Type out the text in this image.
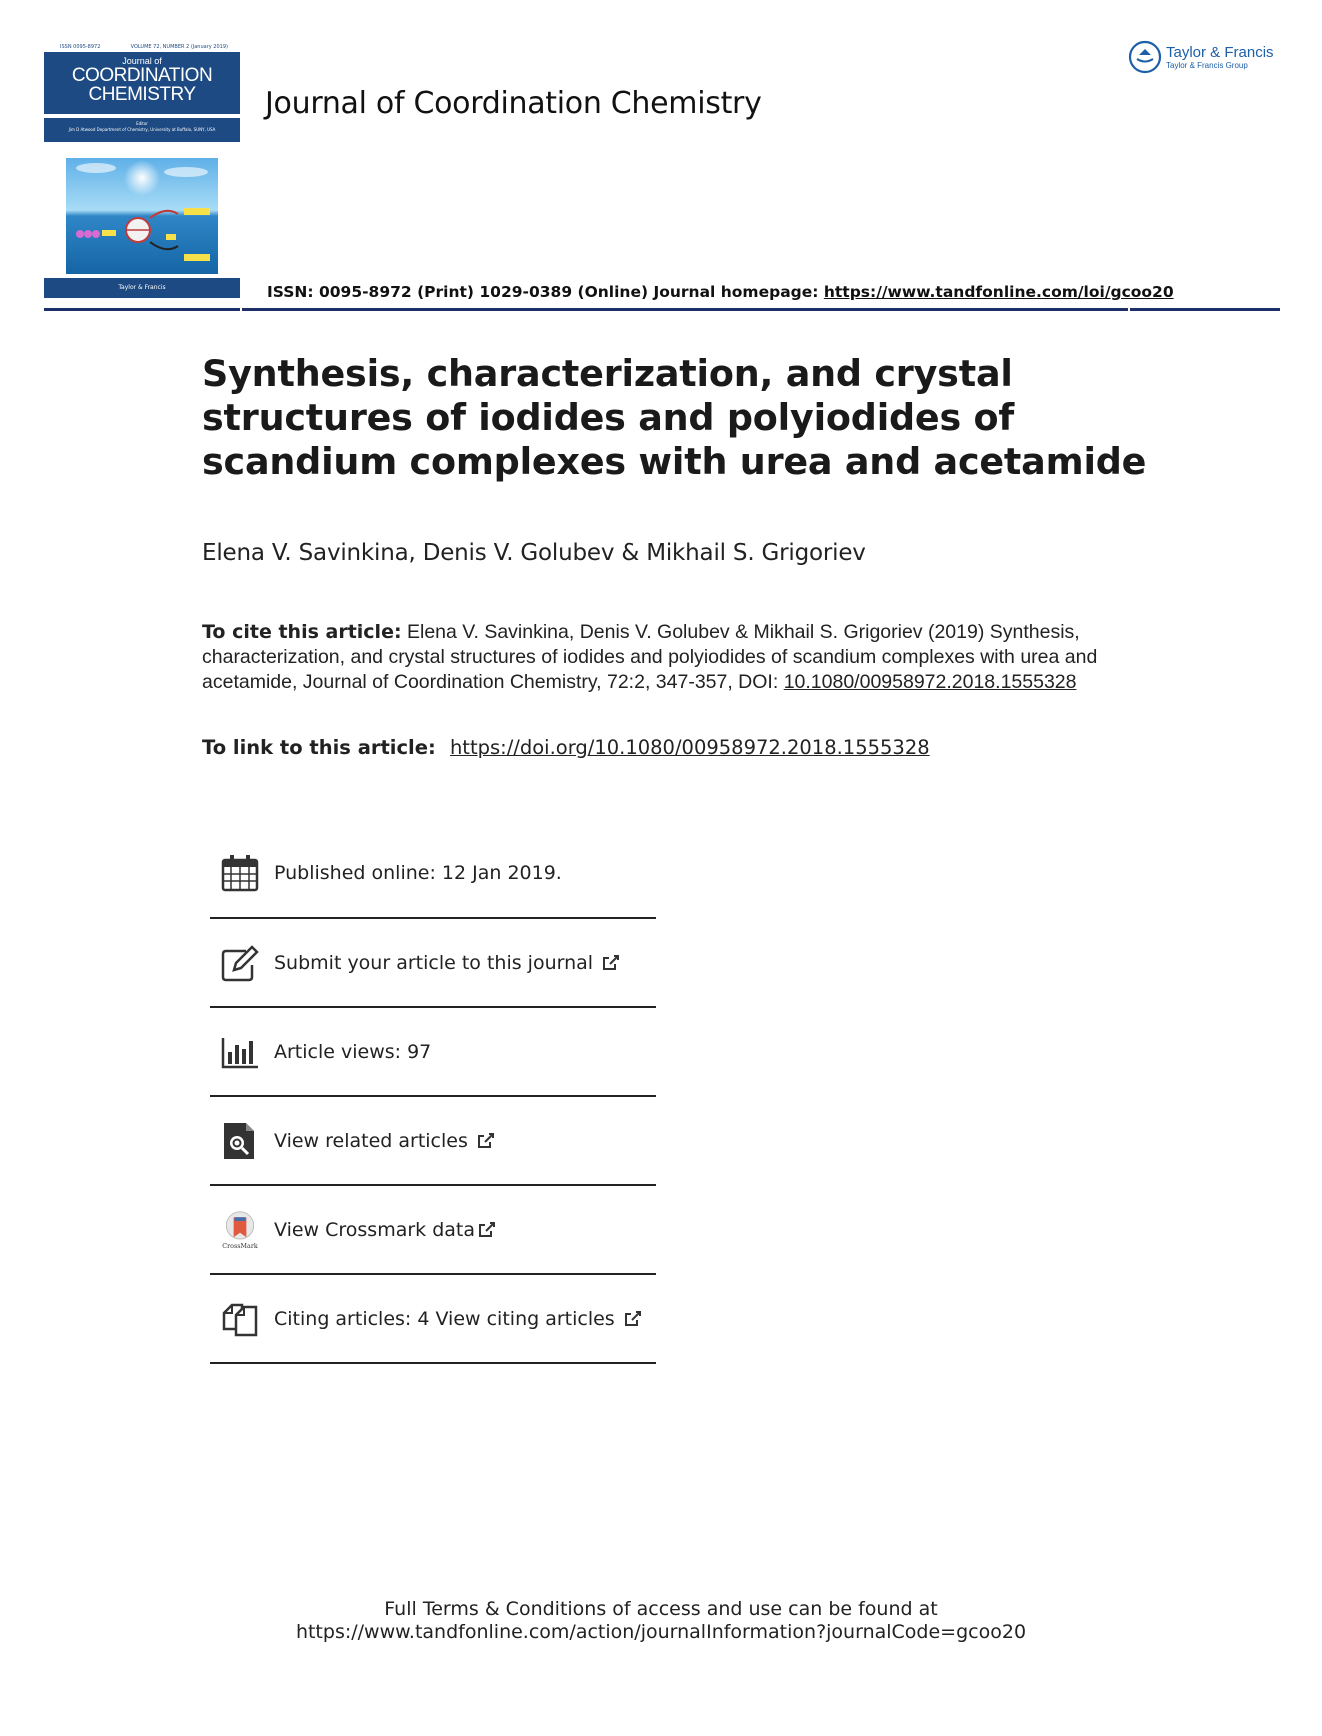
ISSN 0095-8972	VOLUME 72, NUMBER 2 (January 2019)
Journal of
COORDINATION
CHEMISTRY
Editor
Jim D Atwood Department of Chemistry, University at Buffalo, SUNY, USA
Taylor & Francis
Journal of Coordination Chemistry
Taylor & Francis
Taylor & Francis Group
ISSN: 0095-8972 (Print) 1029-0389 (Online) Journal homepage: https://www.tandfonline.com/loi/gcoo20
Synthesis, characterization, and crystal structures of iodides and polyiodides of scandium complexes with urea and acetamide

Elena V. Savinkina, Denis V. Golubev & Mikhail S. Grigoriev

To cite this article: Elena V. Savinkina, Denis V. Golubev & Mikhail S. Grigoriev (2019) Synthesis, characterization, and crystal structures of iodides and polyiodides of scandium complexes with urea and acetamide, Journal of Coordination Chemistry, 72:2, 347-357, DOI: 10.1080/00958972.2018.1555328
To link to this article: https://doi.org/10.1080/00958972.2018.1555328
Published online: 12 Jan 2019.
Submit your article to this journal
Article views: 97
View related articles
CrossMark
View Crossmark data
Citing articles: 4 View citing articles
Full Terms & Conditions of access and use can be found at
https://www.tandfonline.com/action/journalInformation?journalCode=gcoo20
